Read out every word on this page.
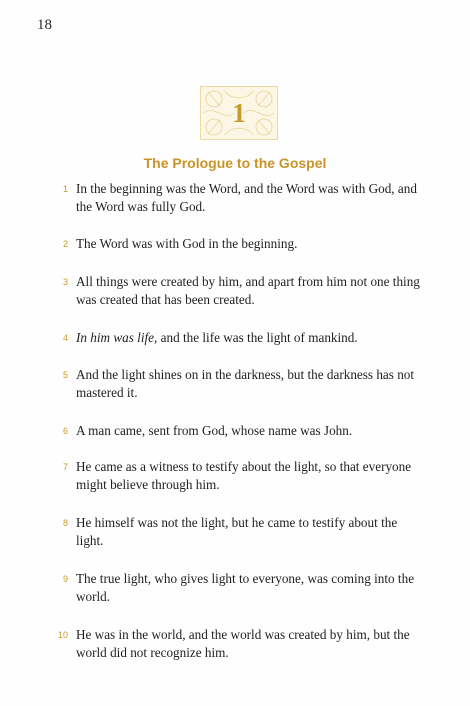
18
1
The Prologue to the Gospel
1 In the beginning was the Word, and the Word was with God, and the Word was fully God.
2 The Word was with God in the beginning.
3 All things were created by him, and apart from him not one thing was created that has been created.
4 In him was life, and the life was the light of mankind.
5 And the light shines on in the darkness, but the darkness has not mastered it.
6 A man came, sent from God, whose name was John.
7 He came as a witness to testify about the light, so that everyone might believe through him.
8 He himself was not the light, but he came to testify about the light.
9 The true light, who gives light to everyone, was coming into the world.
10 He was in the world, and the world was created by him, but the world did not recognize him.
